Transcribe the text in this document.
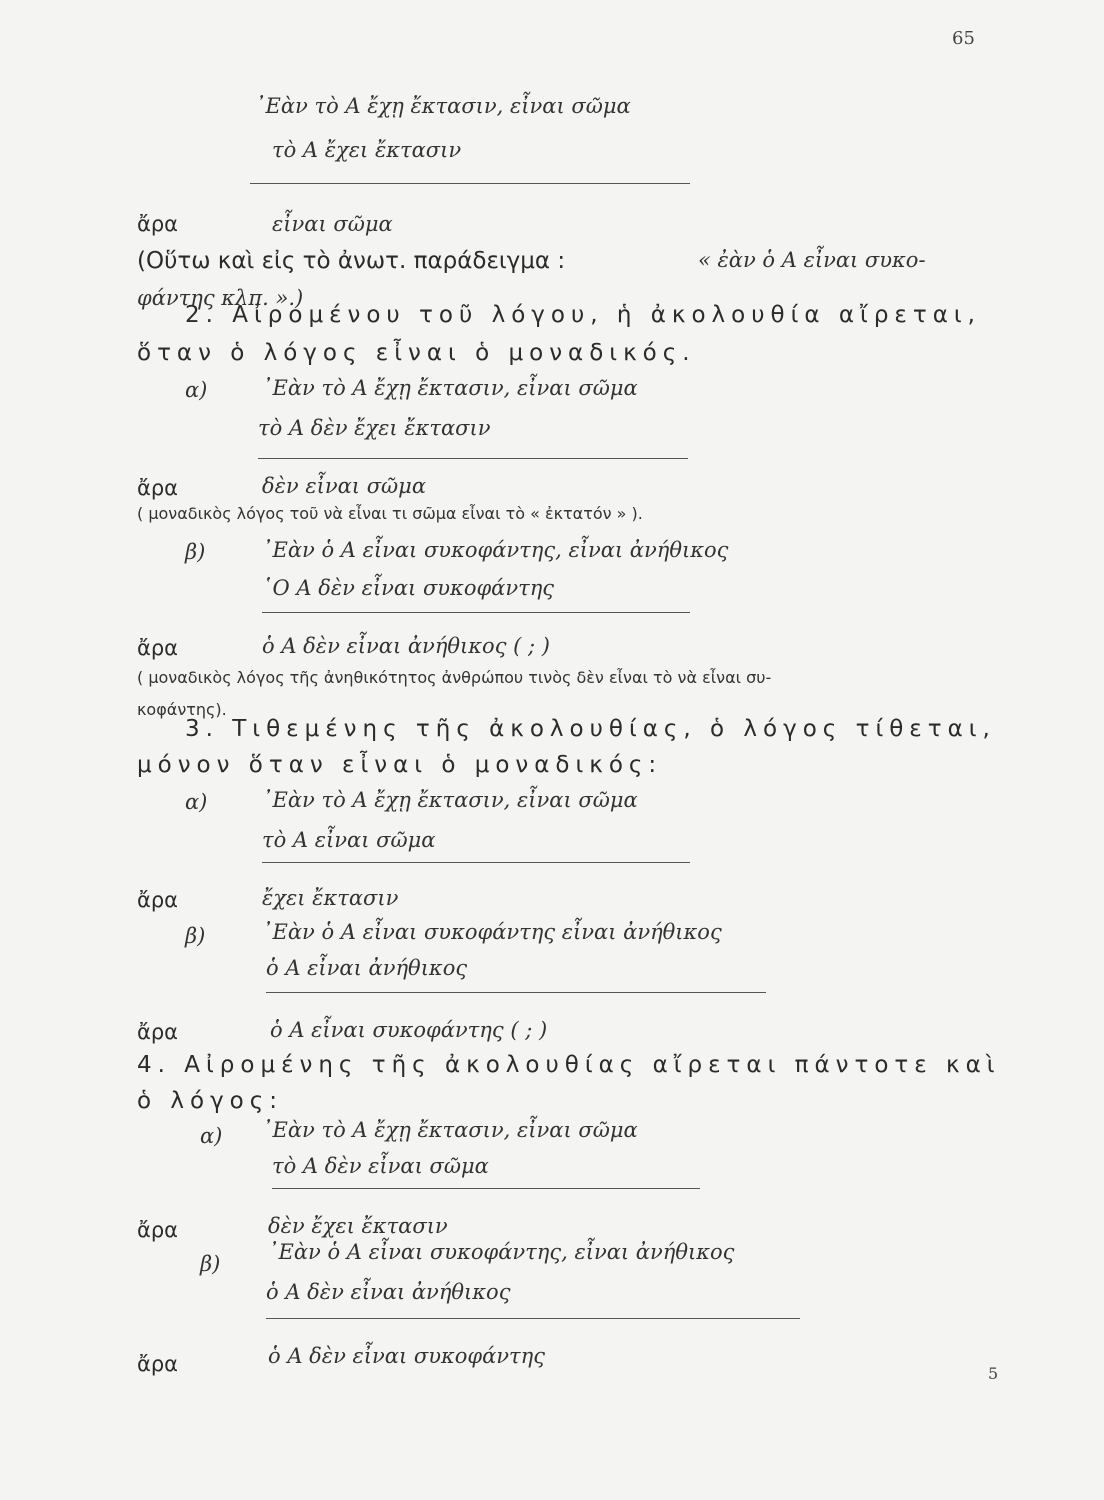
65
᾿Εὰν τὸ Α ἔχῃ ἔκτασιν, εἶναι σῶμα
τὸ Α ἔχει ἔκτασιν
ἄρα	εἶναι σῶμα
(Οὕτω καὶ εἰς τὸ ἀνωτ. παράδειγμα :	« ἐὰν ὁ Α εἶναι συκο-
φάντης κλπ. ».)
2. Αἰρομένου τοῦ λόγου, ἡ ἀκολουθία αἴρεται,
ὅταν ὁ λόγος εἶναι ὁ μοναδικός.
α)	᾿Εὰν τὸ Α ἔχῃ ἔκτασιν, εἶναι σῶμα
τὸ Α δὲν ἔχει ἔκτασιν
ἄρα	δὲν εἶναι σῶμα
( μοναδικὸς λόγος τοῦ νὰ εἶναι τι σῶμα εἶναι τὸ « ἐκτατόν » ).
β)	᾿Εὰν ὁ Α εἶναι συκοφάντης, εἶναι ἀνήθικος
῾Ο Α δὲν εἶναι συκοφάντης
ἄρα	ὁ Α δὲν εἶναι ἀνήθικος ( ; )
( μοναδικὸς λόγος τῆς ἀνηθικότητος ἀνθρώπου τινὸς δὲν εἶναι τὸ νὰ εἶναι συ-
κοφάντης).
3. Τιθεμένης τῆς ἀκολουθίας, ὁ λόγος τίθεται,
μόνον ὅταν εἶναι ὁ μοναδικός:
α)	᾿Εὰν τὸ Α ἔχῃ ἔκτασιν, εἶναι σῶμα
τὸ Α εἶναι σῶμα
ἄρα	ἔχει ἔκτασιν
β)	᾿Εὰν ὁ Α εἶναι συκοφάντης εἶναι ἀνήθικος
ὁ Α εἶναι ἀνήθικος
ἄρα	ὁ Α εἶναι συκοφάντης ( ; )
4. Αἰρομένης τῆς ἀκολουθίας αἴρεται πάντοτε καὶ
ὁ λόγος:
α) ᾿Εὰν τὸ Α ἔχῃ ἔκτασιν, εἶναι σῶμα
τὸ Α δὲν εἶναι σῶμα
ἄρα	δὲν ἔχει ἔκτασιν
β) ᾿Εὰν ὁ Α εἶναι συκοφάντης, εἶναι ἀνήθικος
ὁ Α δὲν εἶναι ἀνήθικος
ἄρα	ὁ Α δὲν εἶναι συκοφάντης
5
